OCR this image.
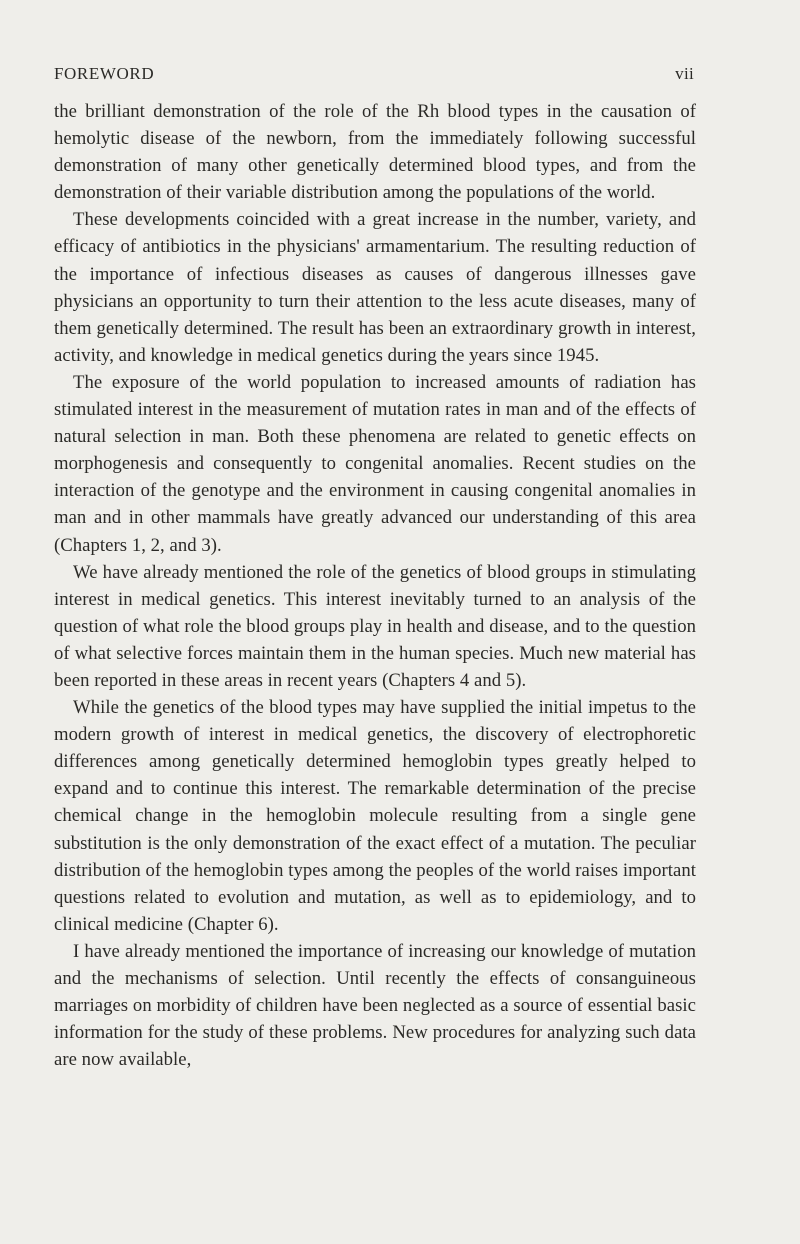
FOREWORD	vii

the brilliant demonstration of the role of the Rh blood types in the causation of hemolytic disease of the newborn, from the immediately following successful demonstration of many other genetically determined blood types, and from the demonstration of their variable distribution among the populations of the world.

These developments coincided with a great increase in the number, variety, and efficacy of antibiotics in the physicians' armamentarium. The resulting reduction of the importance of infectious diseases as causes of dangerous illnesses gave physicians an opportunity to turn their attention to the less acute diseases, many of them genetically determined. The result has been an extraordinary growth in interest, activity, and knowledge in medical genetics during the years since 1945.

The exposure of the world population to increased amounts of radiation has stimulated interest in the measurement of mutation rates in man and of the effects of natural selection in man. Both these phenomena are related to genetic effects on morphogenesis and consequently to congenital anomalies. Recent studies on the interaction of the genotype and the environment in causing congenital anomalies in man and in other mammals have greatly advanced our understanding of this area (Chapters 1, 2, and 3).

We have already mentioned the role of the genetics of blood groups in stimulating interest in medical genetics. This interest inevitably turned to an analysis of the question of what role the blood groups play in health and disease, and to the question of what selective forces maintain them in the human species. Much new material has been reported in these areas in recent years (Chapters 4 and 5).

While the genetics of the blood types may have supplied the initial impetus to the modern growth of interest in medical genetics, the discovery of electrophoretic differences among genetically determined hemoglobin types greatly helped to expand and to continue this interest. The remarkable determination of the precise chemical change in the hemoglobin molecule resulting from a single gene substitution is the only demonstration of the exact effect of a mutation. The peculiar distribution of the hemoglobin types among the peoples of the world raises important questions related to evolution and mutation, as well as to epidemiology, and to clinical medicine (Chapter 6).

I have already mentioned the importance of increasing our knowledge of mutation and the mechanisms of selection. Until recently the effects of consanguineous marriages on morbidity of children have been neglected as a source of essential basic information for the study of these problems. New procedures for analyzing such data are now available,
